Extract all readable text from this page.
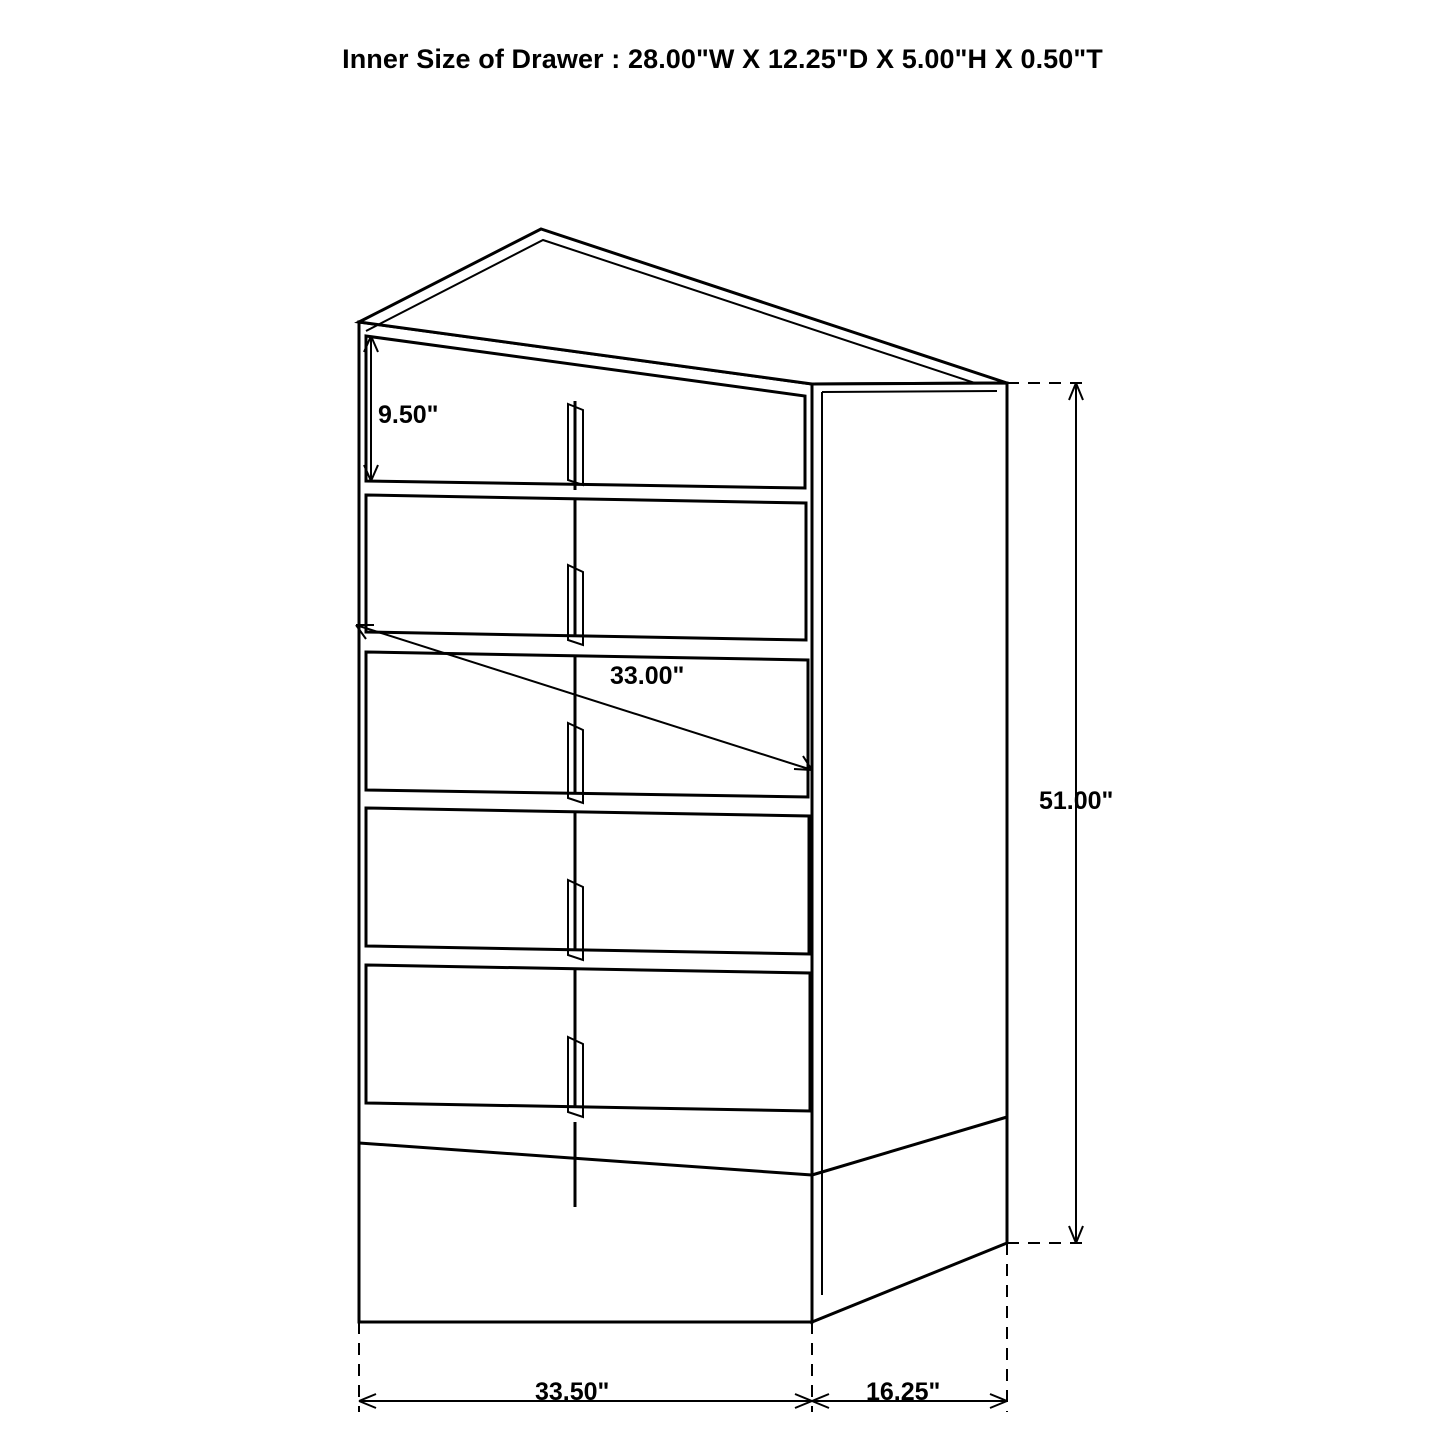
Inner Size of Drawer : 28.00"W X 12.25"D X 5.00"H X 0.50"T
9.50"
33.00"
51.00"
33.50"	16.25"
